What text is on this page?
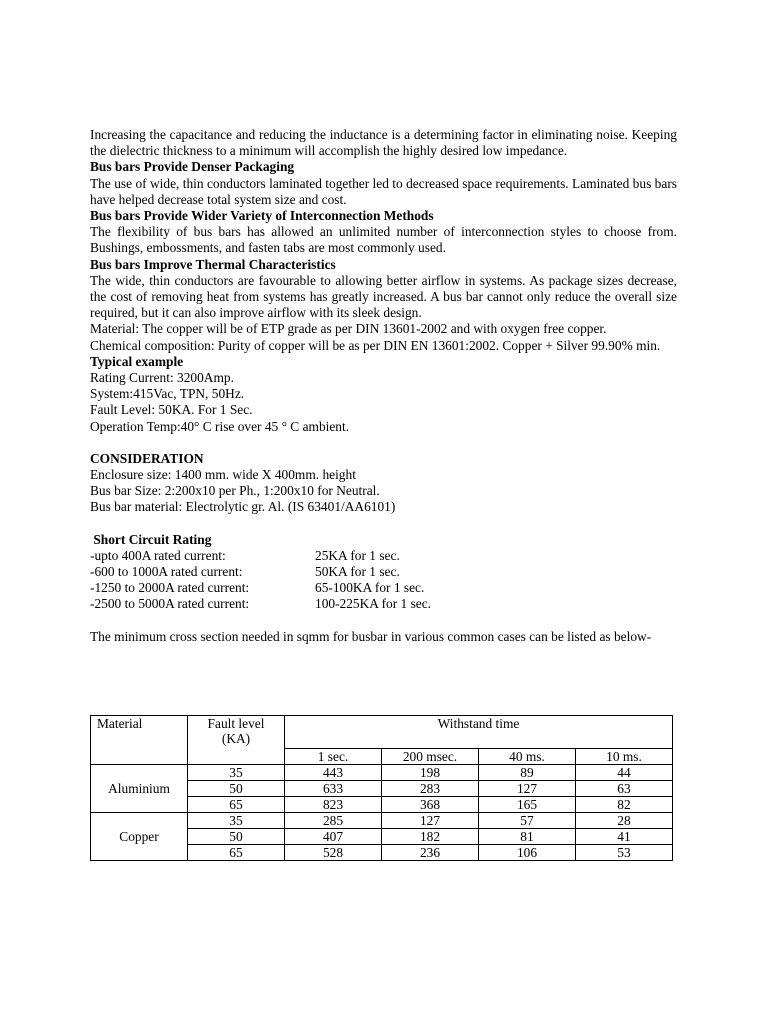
Increasing the capacitance and reducing the inductance is a determining factor in eliminating noise. Keeping the dielectric thickness to a minimum will accomplish the highly desired low impedance.

Bus bars Provide Denser Packaging

The use of wide, thin conductors laminated together led to decreased space requirements. Laminated bus bars have helped decrease total system size and cost.

Bus bars Provide Wider Variety of Interconnection Methods

The flexibility of bus bars has allowed an unlimited number of interconnection styles to choose from. Bushings, embossments, and fasten tabs are most commonly used.

Bus bars Improve Thermal Characteristics

The wide, thin conductors are favourable to allowing better airflow in systems. As package sizes decrease, the cost of removing heat from systems has greatly increased. A bus bar cannot only reduce the overall size required, but it can also improve airflow with its sleek design.

Material: The copper will be of ETP grade as per DIN 13601-2002 and with oxygen free copper.

Chemical composition: Purity of copper will be as per DIN EN 13601:2002. Copper + Silver 99.90% min.

Typical example

Rating Current: 3200Amp.

System:415Vac, TPN, 50Hz.

Fault Level: 50KA. For 1 Sec.

Operation Temp:40° C rise over 45 ° C ambient.

CONSIDERATION

Enclosure size: 1400 mm. wide X 400mm. height

Bus bar Size: 2:200x10 per Ph., 1:200x10 for Neutral.

Bus bar material: Electrolytic gr. Al. (IS 63401/AA6101)

Short Circuit Rating

-upto 400A rated current:	25KA for 1 sec.
-600 to 1000A rated current:	50KA for 1 sec.
-1250 to 2000A rated current:	65-100KA for 1 sec.
-2500 to 5000A rated current:	100-225KA for 1 sec.

The minimum cross section needed in sqmm for busbar in various common cases can be listed as below-

Material	Fault level (KA)	Withstand time			
		1 sec.	200 msec.	40 ms.	10 ms.
Aluminium	35	443	198	89	44
	50	633	283	127	63
	65	823	368	165	82
Copper	35	285	127	57	28
	50	407	182	81	41
	65	528	236	106	53
